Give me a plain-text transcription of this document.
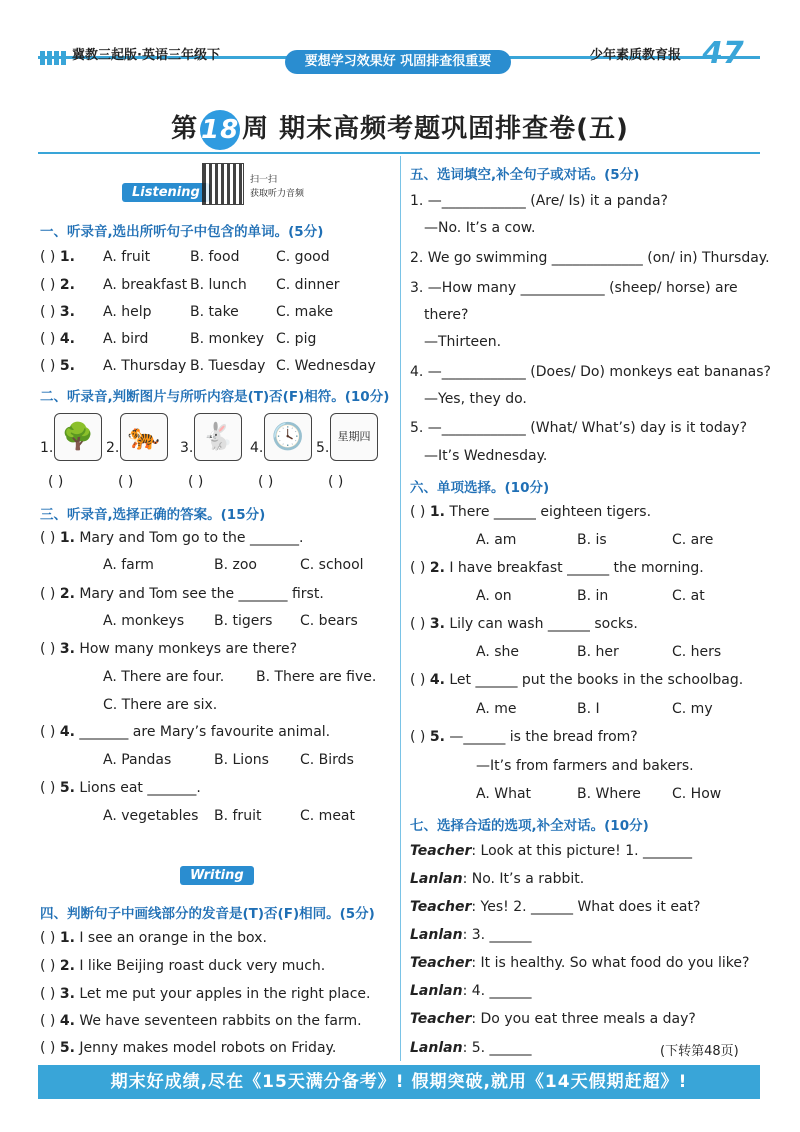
冀教三起版·英语三年级下	要想学习效果好 巩固排查很重要	少年素质教育报 47
第 18 周 期末高频考题巩固排查卷(五)
Listening
扫一扫
获取听力音频
一、听录音,选出所听句子中包含的单词。(5分)
( ) 1. A. fruit	B. food	C. good
( ) 2. A. breakfast B. lunch C. dinner
( ) 3. A. help	B. take	C. make
( ) 4. A. bird	B. monkey C. pig
( ) 5. A. Thursday B. Tuesday C. Wednesday
二、听录音,判断图片与所听内容是(T)否(F)相符。(10分)
1. 🌳 2. 🐅	3. 🐇	4. 🕓 5.
星期四
( )	( )	( )	( )	( )
三、听录音,选择正确的答案。(15分)
( ) 1. Mary and Tom go to the _______.
A. farm	B. zoo	C. school
( ) 2. Mary and Tom see the _______ first.
A. monkeys B. tigers C. bears
( ) 3. How many monkeys are there?
A. There are four. B. There are five.
C. There are six.
( ) 4. _______ are Mary’s favourite animal.
A. Pandas	B. Lions C. Birds
( ) 5. Lions eat _______.
A. vegetables B. fruit	C. meat
Writing
四、判断句子中画线部分的发音是(T)否(F)相同。(5分)
( ) 1. I see an orange in the box.
( ) 2. I like Beijing roast duck very much.
( ) 3. Let me put your apples in the right place.
( ) 4. We have seventeen rabbits on the farm.
( ) 5. Jenny makes model robots on Friday.
五、选词填空,补全句子或对话。(5分)
1. —____________ (Are/ Is) it a panda?
—No. It’s a cow.
2. We go swimming _____________ (on/ in) Thursday.
3. —How many ____________ (sheep/ horse) are
there?
—Thirteen.
4. —____________ (Does/ Do) monkeys eat bananas?
—Yes, they do.
5. —____________ (What/ What’s) day is it today?
—It’s Wednesday.
六、单项选择。(10分)
( ) 1. There ______ eighteen tigers.
A. am	B. is	C. are
( ) 2. I have breakfast ______ the morning.
A. on	B. in	C. at
( ) 3. Lily can wash ______ socks.
A. she	B. her	C. hers
( ) 4. Let ______ put the books in the schoolbag.
A. me	B. I	C. my
( ) 5. —______ is the bread from?
—It’s from farmers and bakers.
A. What	B. Where C. How
七、选择合适的选项,补全对话。(10分)
Teacher: Look at this picture! 1. _______
Lanlan: No. It’s a rabbit.
Teacher: Yes! 2. ______ What does it eat?
Lanlan: 3. ______
Teacher: It is healthy. So what food do you like?
Lanlan: 4. ______
Teacher: Do you eat three meals a day?
Lanlan: 5. ______	(下转第48页)
期末好成绩,尽在《15天满分备考》! 假期突破,就用《14天假期赶超》!
